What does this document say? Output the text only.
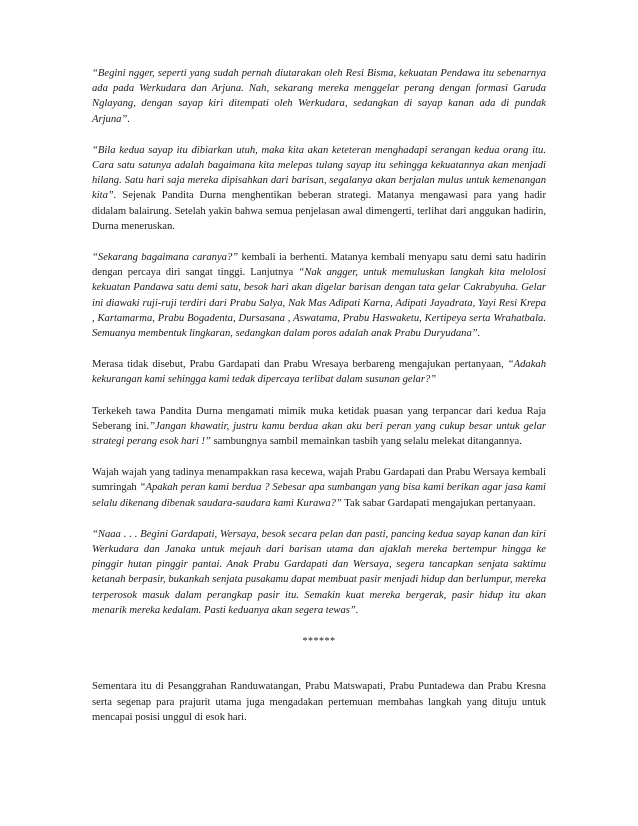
“Begini ngger, seperti yang sudah pernah diutarakan oleh Resi Bisma, kekuatan Pendawa itu sebenarnya ada pada Werkudara dan Arjuna. Nah, sekarang mereka menggelar perang dengan formasi Garuda Nglayang, dengan sayap kiri ditempati oleh Werkudara, sedangkan di sayap kanan ada di pundak Arjuna”.

“Bila kedua sayap itu dibiarkan utuh, maka kita akan keteteran menghadapi serangan kedua orang itu. Cara satu satunya adalah bagaimana kita melepas tulang sayap itu sehingga kekuatannya akan menjadi hilang. Satu hari saja mereka dipisahkan dari barisan, segalanya akan berjalan mulus untuk kemenangan kita”. Sejenak Pandita Durna menghentikan beberan strategi. Matanya mengawasi para yang hadir didalam balairung. Setelah yakin bahwa semua penjelasan awal dimengerti, terlihat dari anggukan hadirin, Durna meneruskan.

“Sekarang bagaimana caranya?” kembali ia berhenti. Matanya kembali menyapu satu demi satu hadirin dengan percaya diri sangat tinggi. Lanjutnya “Nak angger, untuk memuluskan langkah kita melolosi kekuatan Pandawa satu demi satu, besok hari akan digelar barisan dengan tata gelar Cakrabyuha. Gelar ini diawaki ruji-ruji terdiri dari Prabu Salya, Nak Mas Adipati Karna, Adipati Jayadrata, Yayi Resi Krepa , Kartamarma, Prabu Bogadenta, Dursasana , Aswatama, Prabu Haswaketu, Kertipeya serta Wrahatbala. Semuanya membentuk lingkaran, sedangkan dalam poros adalah anak Prabu Duryudana”.

Merasa tidak disebut, Prabu Gardapati dan Prabu Wresaya berbareng mengajukan pertanyaan, “Adakah kekurangan kami sehingga kami tedak dipercaya terlibat dalam susunan gelar?”

Terkekeh tawa Pandita Durna mengamati mimik muka ketidak puasan yang terpancar dari kedua Raja Seberang ini.”Jangan khawatir, justru kamu berdua akan aku beri peran yang cukup besar untuk gelar strategi perang esok hari !” sambungnya sambil memainkan tasbih yang selalu melekat ditangannya.

Wajah wajah yang tadinya menampakkan rasa kecewa, wajah Prabu Gardapati dan Prabu Wersaya kembali sumringah “Apakah peran kami berdua ? Sebesar apa sumbangan yang bisa kami berikan agar jasa kami selalu dikenang dibenak saudara-saudara kami Kurawa?” Tak sabar Gardapati mengajukan pertanyaan.

“Naaa . . . Begini Gardapati, Wersaya, besok secara pelan dan pasti, pancing kedua sayap kanan dan kiri Werkudara dan Janaka untuk mejauh dari barisan utama dan ajaklah mereka bertempur hingga ke pinggir hutan pinggir pantai. Anak Prabu Gardapati dan Wersaya, segera tancapkan senjata saktimu ketanah berpasir, bukankah senjata pusakamu dapat membuat pasir menjadi hidup dan berlumpur, mereka terperosok masuk dalam perangkap pasir itu. Semakin kuat mereka bergerak, pasir hidup itu akan menarik mereka kedalam. Pasti keduanya akan segera tewas”.

******

Sementara itu di Pesanggrahan Randuwatangan, Prabu Matswapati, Prabu Puntadewa dan Prabu Kresna serta segenap para prajurit utama juga mengadakan pertemuan membahas langkah yang dituju untuk mencapai posisi unggul di esok hari.
